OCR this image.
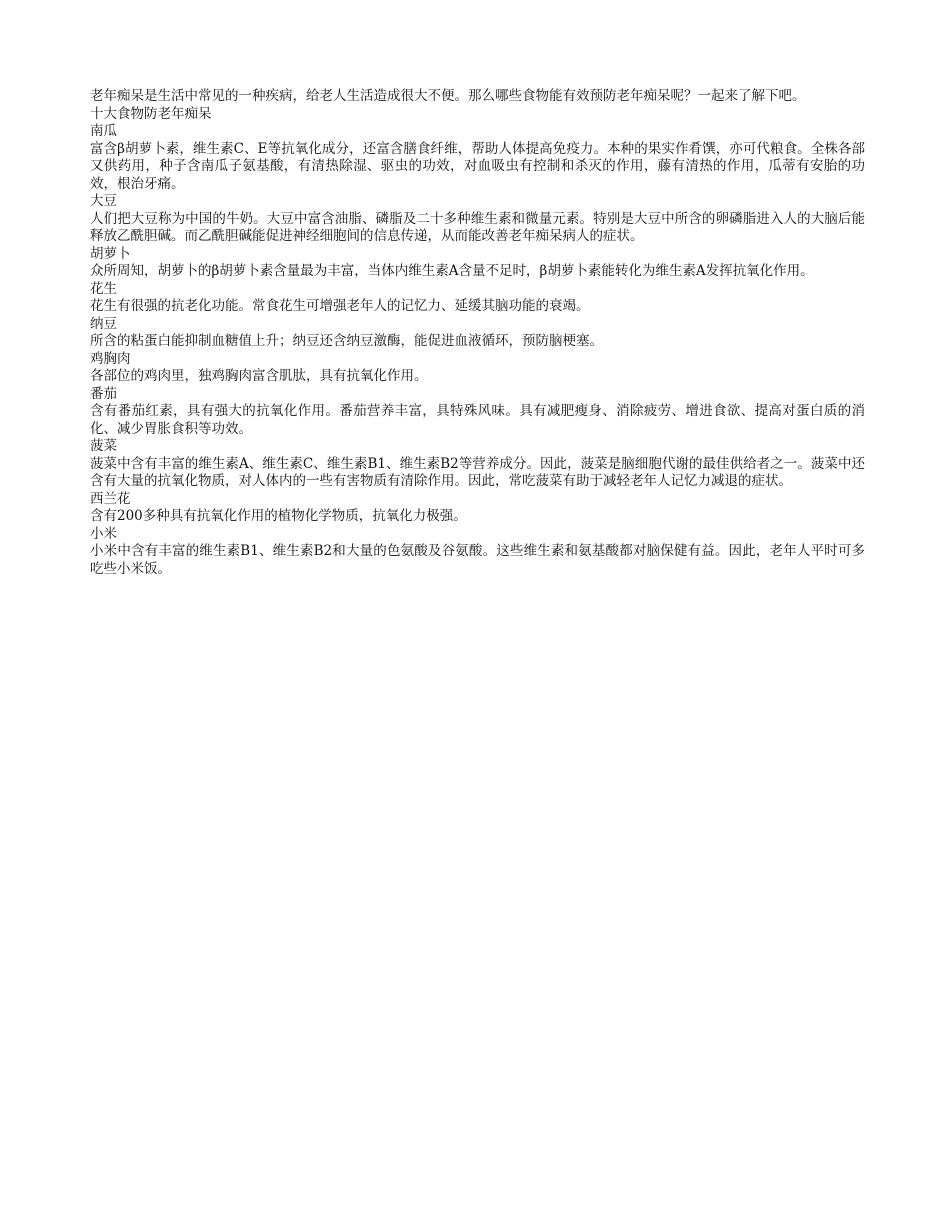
老年痴呆是生活中常见的一种疾病，给老人生活造成很大不便。那么哪些食物能有效预防老年痴呆呢？一起来了解下吧。

十大食物防老年痴呆

南瓜

富含β胡萝卜素，维生素C、E等抗氧化成分，还富含膳食纤维，帮助人体提高免疫力。本种的果实作肴馔，亦可代粮食。全株各部又供药用，种子含南瓜子氨基酸，有清热除湿、驱虫的功效，对血吸虫有控制和杀灭的作用，藤有清热的作用，瓜蒂有安胎的功效，根治牙痛。

大豆

人们把大豆称为中国的牛奶。大豆中富含油脂、磷脂及二十多种维生素和微量元素。特别是大豆中所含的卵磷脂进入人的大脑后能释放乙酰胆碱。而乙酰胆碱能促进神经细胞间的信息传递，从而能改善老年痴呆病人的症状。

胡萝卜

众所周知，胡萝卜的β胡萝卜素含量最为丰富，当体内维生素A含量不足时，β胡萝卜素能转化为维生素A发挥抗氧化作用。

花生

花生有很强的抗老化功能。常食花生可增强老年人的记忆力、延缓其脑功能的衰竭。

纳豆

所含的粘蛋白能抑制血糖值上升；纳豆还含纳豆激酶，能促进血液循环，预防脑梗塞。

鸡胸肉

各部位的鸡肉里，独鸡胸肉富含肌肽，具有抗氧化作用。

番茄

含有番茄红素，具有强大的抗氧化作用。番茄营养丰富，具特殊风味。具有减肥瘦身、消除疲劳、增进食欲、提高对蛋白质的消化、减少胃胀食积等功效。

菠菜

菠菜中含有丰富的维生素A、维生素C、维生素B1、维生素B2等营养成分。因此，菠菜是脑细胞代谢的最佳供给者之一。菠菜中还含有大量的抗氧化物质，对人体内的一些有害物质有清除作用。因此，常吃菠菜有助于减轻老年人记忆力减退的症状。

西兰花

含有200多种具有抗氧化作用的植物化学物质，抗氧化力极强。

小米

小米中含有丰富的维生素B1、维生素B2和大量的色氨酸及谷氨酸。这些维生素和氨基酸都对脑保健有益。因此，老年人平时可多吃些小米饭。
